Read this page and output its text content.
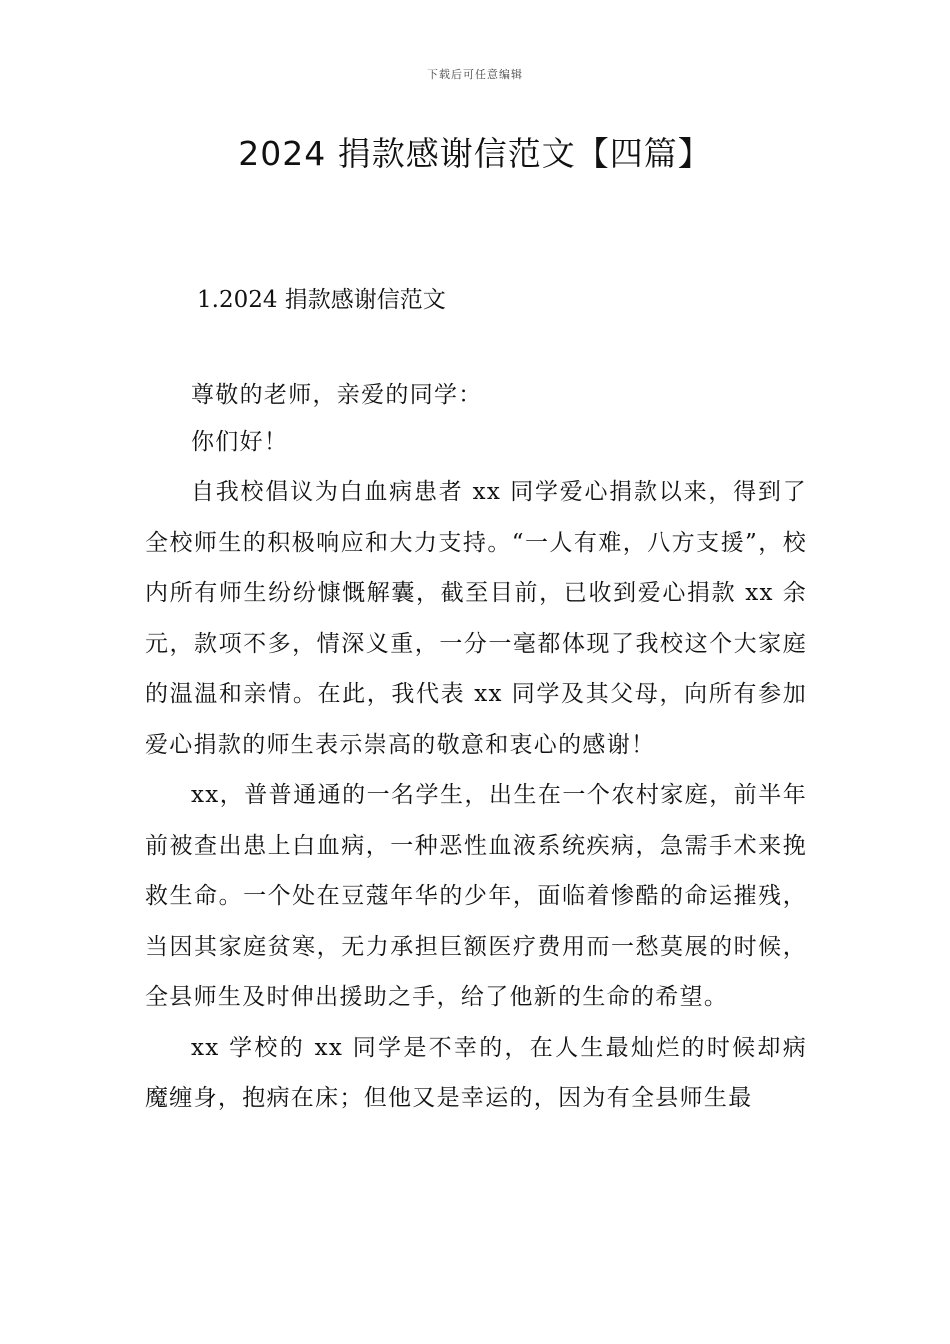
下载后可任意编辑
2024 捐款感谢信范文【四篇】
1.2024 捐款感谢信范文

尊敬的老师，亲爱的同学：

你们好！

自我校倡议为白血病患者 xx 同学爱心捐款以来，得到了全校师生的积极响应和大力支持。“一人有难，八方支援”，校内所有师生纷纷慷慨解囊，截至目前，已收到爱心捐款 xx 余元，款项不多，情深义重，一分一毫都体现了我校这个大家庭的温温和亲情。在此，我代表 xx 同学及其父母，向所有参加爱心捐款的师生表示崇高的敬意和衷心的感谢！

xx，普普通通的一名学生，出生在一个农村家庭，前半年前被查出患上白血病，一种恶性血液系统疾病，急需手术来挽救生命。一个处在豆蔻年华的少年，面临着惨酷的命运摧残，当因其家庭贫寒，无力承担巨额医疗费用而一愁莫展的时候，全县师生及时伸出援助之手，给了他新的生命的希望。

xx 学校的 xx 同学是不幸的，在人生最灿烂的时候却病魔缠身，抱病在床；但他又是幸运的，因为有全县师生最
